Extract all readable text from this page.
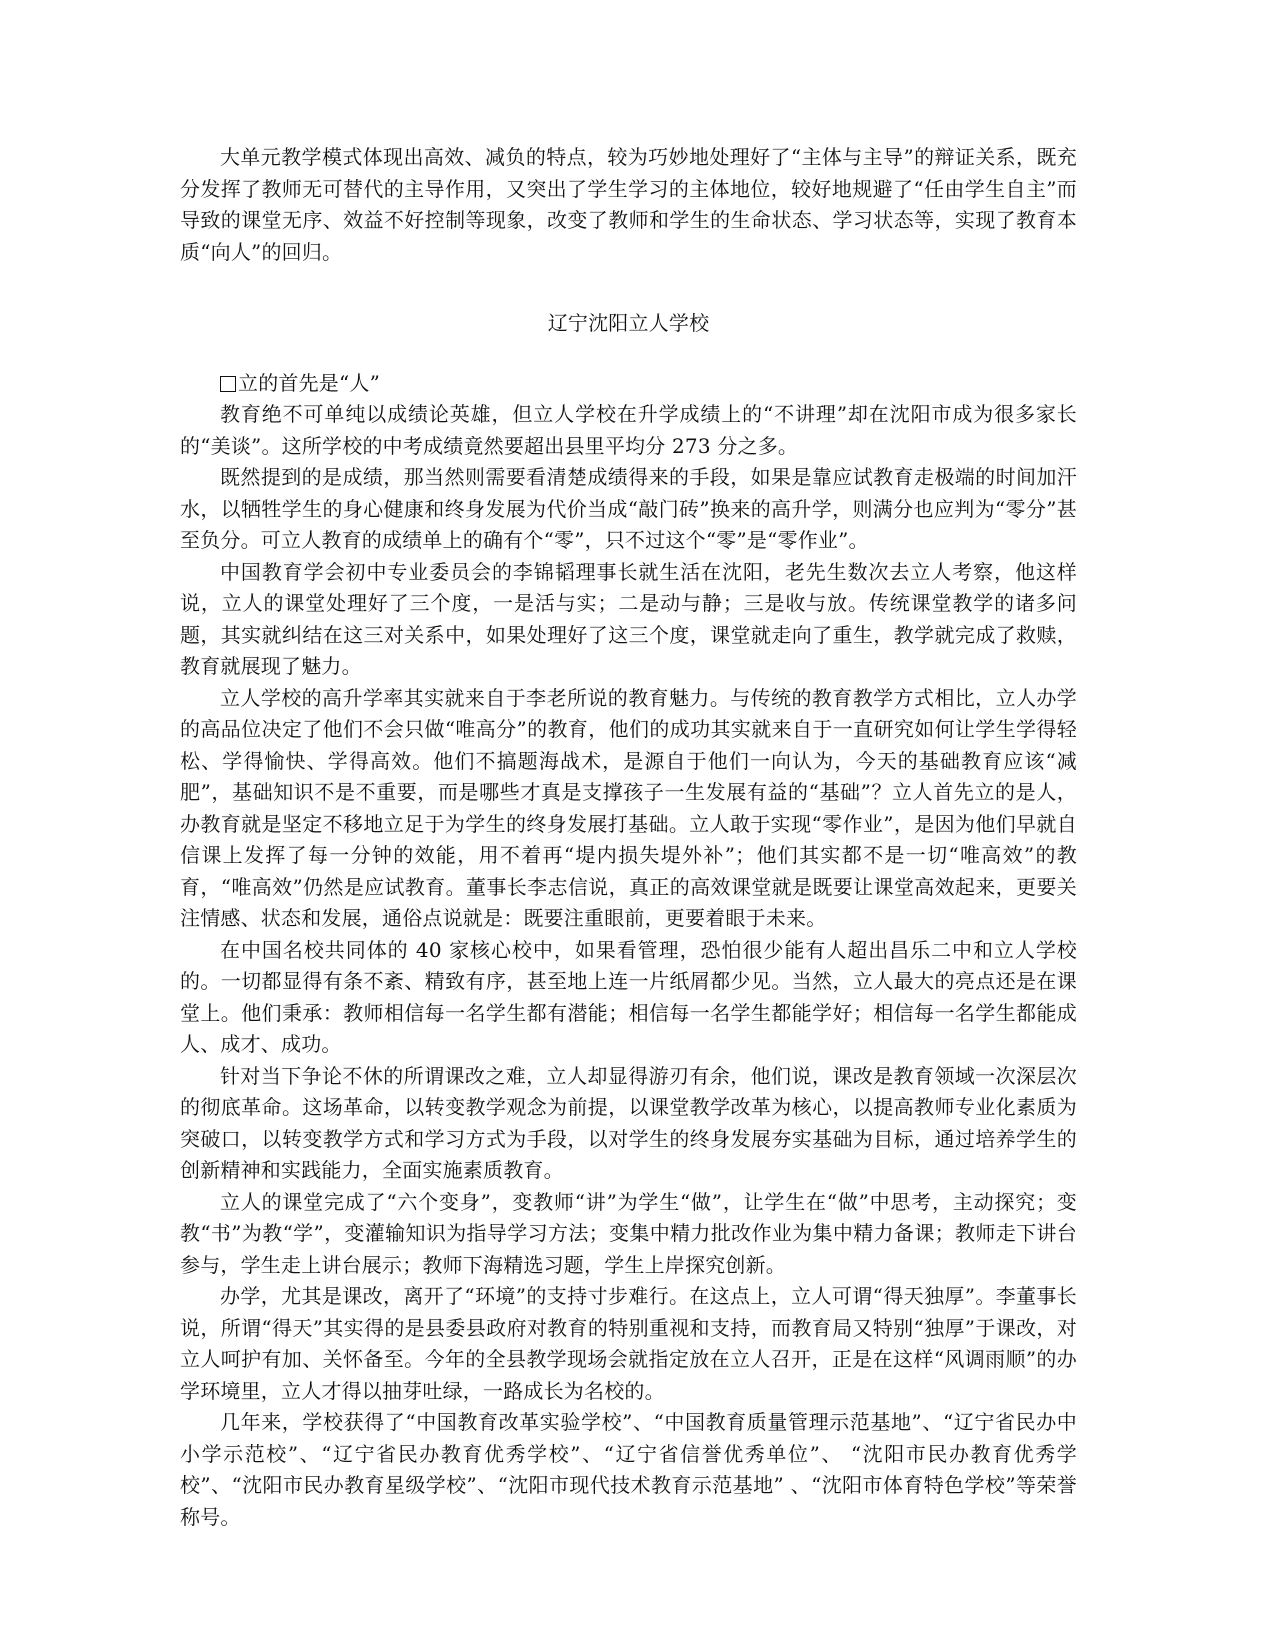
大单元教学模式体现出高效、减负的特点，较为巧妙地处理好了“主体与主导”的辩证关系，既充分发挥了教师无可替代的主导作用，又突出了学生学习的主体地位，较好地规避了“任由学生自主”而导致的课堂无序、效益不好控制等现象，改变了教师和学生的生命状态、学习状态等，实现了教育本质“向人”的回归。

辽宁沈阳立人学校

立的首先是“人”

教育绝不可单纯以成绩论英雄，但立人学校在升学成绩上的“不讲理”却在沈阳市成为很多家长的“美谈”。这所学校的中考成绩竟然要超出县里平均分 273 分之多。

既然提到的是成绩，那当然则需要看清楚成绩得来的手段，如果是靠应试教育走极端的时间加汗水，以牺牲学生的身心健康和终身发展为代价当成“敲门砖”换来的高升学，则满分也应判为“零分”甚至负分。可立人教育的成绩单上的确有个“零”，只不过这个“零”是“零作业”。

中国教育学会初中专业委员会的李锦韬理事长就生活在沈阳，老先生数次去立人考察，他这样说，立人的课堂处理好了三个度，一是活与实；二是动与静；三是收与放。传统课堂教学的诸多问题，其实就纠结在这三对关系中，如果处理好了这三个度，课堂就走向了重生，教学就完成了救赎，教育就展现了魅力。

立人学校的高升学率其实就来自于李老所说的教育魅力。与传统的教育教学方式相比，立人办学的高品位决定了他们不会只做“唯高分”的教育，他们的成功其实就来自于一直研究如何让学生学得轻松、学得愉快、学得高效。他们不搞题海战术，是源自于他们一向认为，今天的基础教育应该“减肥”，基础知识不是不重要，而是哪些才真是支撑孩子一生发展有益的“基础”？立人首先立的是人，办教育就是坚定不移地立足于为学生的终身发展打基础。立人敢于实现“零作业”，是因为他们早就自信课上发挥了每一分钟的效能，用不着再“堤内损失堤外补”；他们其实都不是一切“唯高效”的教育，“唯高效”仍然是应试教育。董事长李志信说，真正的高效课堂就是既要让课堂高效起来，更要关注情感、状态和发展，通俗点说就是：既要注重眼前，更要着眼于未来。

在中国名校共同体的 40 家核心校中，如果看管理，恐怕很少能有人超出昌乐二中和立人学校的。一切都显得有条不紊、精致有序，甚至地上连一片纸屑都少见。当然，立人最大的亮点还是在课堂上。他们秉承：教师相信每一名学生都有潜能；相信每一名学生都能学好；相信每一名学生都能成人、成才、成功。

针对当下争论不休的所谓课改之难，立人却显得游刃有余，他们说，课改是教育领域一次深层次的彻底革命。这场革命，以转变教学观念为前提，以课堂教学改革为核心，以提高教师专业化素质为突破口，以转变教学方式和学习方式为手段，以对学生的终身发展夯实基础为目标，通过培养学生的创新精神和实践能力，全面实施素质教育。

立人的课堂完成了“六个变身”，变教师“讲”为学生“做”，让学生在“做”中思考，主动探究；变教“书”为教“学”，变灌输知识为指导学习方法；变集中精力批改作业为集中精力备课；教师走下讲台参与，学生走上讲台展示；教师下海精选习题，学生上岸探究创新。

办学，尤其是课改，离开了“环境”的支持寸步难行。在这点上，立人可谓“得天独厚”。李董事长说，所谓“得天”其实得的是县委县政府对教育的特别重视和支持，而教育局又特别“独厚”于课改，对立人呵护有加、关怀备至。今年的全县教学现场会就指定放在立人召开，正是在这样“风调雨顺”的办学环境里，立人才得以抽芽吐绿，一路成长为名校的。

几年来，学校获得了“中国教育改革实验学校”、“中国教育质量管理示范基地”、“辽宁省民办中小学示范校”、“辽宁省民办教育优秀学校”、“辽宁省信誉优秀单位”、 “沈阳市民办教育优秀学校”、“沈阳市民办教育星级学校”、“沈阳市现代技术教育示范基地” 、“沈阳市体育特色学校”等荣誉称号。
